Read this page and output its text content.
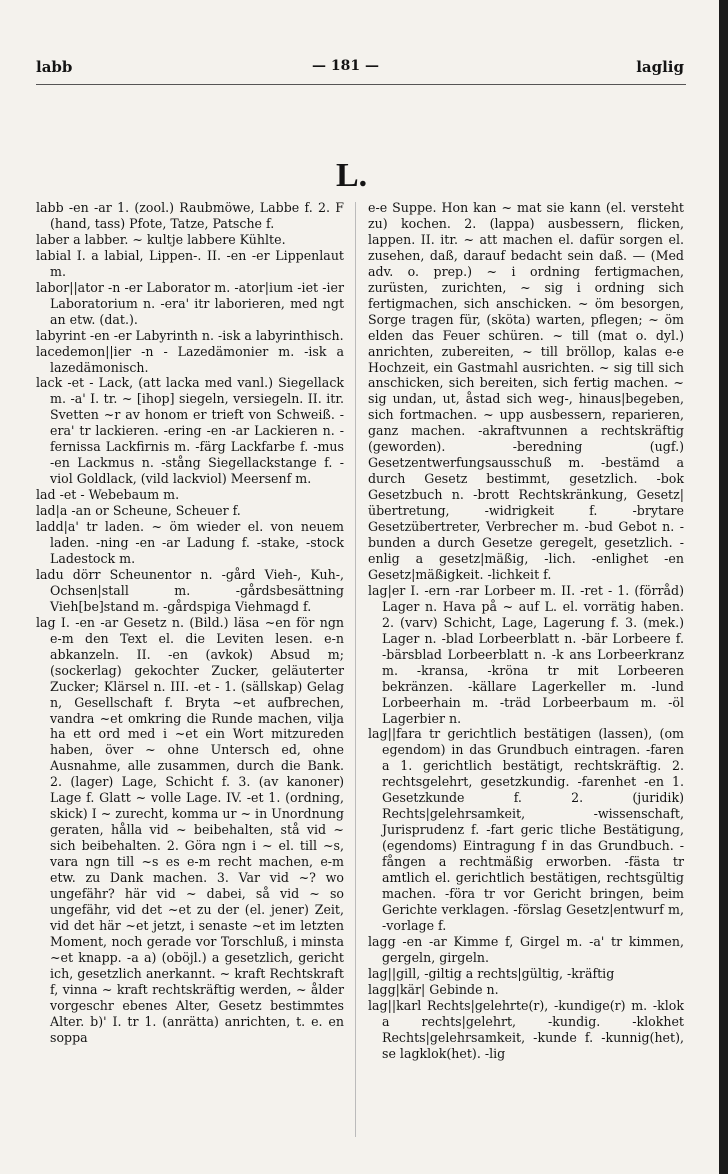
labb	— 181 —	laglig
L.

labb -en -ar 1. (zool.) Raubmöwe, Labbe f. 2. F (hand, tass) Pfote, Tatze, Patsche f.

laber a labber. ~ kultje labbere Kühlte.

labial I. a labial, Lippen-. II. -en -er Lippenlaut m.

labor||ator -n -er Laborator m. -ator|ium -iet -ier Laboratorium n. -era' itr laborieren, med ngt an etw. (dat.).

labyrint -en -er Labyrinth n. -isk a labyrinthisch.

lacedemon||ier -n - Lazedämonier m. -isk a lazedämonisch.

lack -et - Lack, (att lacka med vanl.) Siegellack m. -a' I. tr. ~ [ihop] siegeln, versiegeln. II. itr. Svetten ~r av honom er trieft von Schweiß. -era' tr lackieren. -ering -en -ar Lackieren n. -fernissa Lackfirnis m. -färg Lackfarbe f. -mus -en Lackmus n. -stång Siegellackstange f. -viol Goldlack, (vild lackviol) Meersenf m.

lad -et - Webebaum m.

lad|a -an or Scheune, Scheuer f.

ladd|a' tr laden. ~ öm wieder el. von neuem laden. -ning -en -ar Ladung f. -stake, -stock Ladestock m.

ladu dörr Scheunentor n. -gård Vieh-, Kuh-, Ochsen|stall m. -gårdsbesättning Vieh[be]stand m. -gårdspiga Viehmagd f.

lag I. -en -ar Gesetz n. (Bild.) läsa ~en för ngn e-m den Text el. die Leviten lesen. e-n abkanzeln. II. -en (avkok) Absud m; (sockerlag) gekochter Zucker, geläuterter Zucker; Klärsel n. III. -et - 1. (sällskap) Gelag n, Gesellschaft f. Bryta ~et aufbrechen, vandra ~et omkring die Runde machen, vilja ha ett ord med i ~et ein Wort mitzureden haben, över ~ ohne Untersch ed, ohne Ausnahme, alle zusammen, durch die Bank. 2. (lager) Lage, Schicht f. 3. (av kanoner) Lage f. Glatt ~ volle Lage. IV. -et 1. (ordning, skick) I ~ zurecht, komma ur ~ in Unordnung geraten, hålla vid ~ beibehalten, stå vid ~ sich beibehalten. 2. Göra ngn i ~ el. till ~s, vara ngn till ~s es e-m recht machen, e-m etw. zu Dank machen. 3. Var vid ~? wo ungefähr? här vid ~ dabei, så vid ~ so ungefähr, vid det ~et zu der (el. jener) Zeit, vid det här ~et jetzt, i senaste ~et im letzten Moment, noch gerade vor Torschluß, i minsta ~et knapp. -a a) (oböjl.) a gesetzlich, gericht ich, gesetzlich anerkannt. ~ kraft Rechtskraft f, vinna ~ kraft rechtskräftig werden, ~ ålder vorgeschr ebenes Alter, Gesetz bestimmtes Alter. b)' I. tr 1. (anrätta) anrichten, t. e. en soppa

e-e Suppe. Hon kan ~ mat sie kann (el. versteht zu) kochen. 2. (lappa) ausbessern, flicken, lappen. II. itr. ~ att machen el. dafür sorgen el. zusehen, daß, darauf bedacht sein daß. — (Med adv. o. prep.) ~ i ordning fertigmachen, zurüsten, zurichten, ~ sig i ordning sich fertigmachen, sich anschicken. ~ öm besorgen, Sorge tragen für, (sköta) warten, pflegen; ~ öm elden das Feuer schüren. ~ till (mat o. dyl.) anrichten, zubereiten, ~ till bröllop, kalas e-e Hochzeit, ein Gastmahl ausrichten. ~ sig till sich anschicken, sich bereiten, sich fertig machen. ~ sig undan, ut, åstad sich weg-, hinaus|begeben, sich fortmachen. ~ upp ausbessern, reparieren, ganz machen. -akraftvunnen a rechtskräftig (geworden). -beredning (ugf.) Gesetzentwerfungsausschuß m. -bestämd a durch Gesetz bestimmt, gesetzlich. -bok Gesetzbuch n. -brott Rechtskränkung, Gesetz|übertretung, -widrigkeit f. -brytare Gesetzübertreter, Verbrecher m. -bud Gebot n. -bunden a durch Gesetze geregelt, gesetzlich. -enlig a gesetz|mäßig, -lich. -enlighet -en Gesetz|mäßigkeit. -lichkeit f.

lag|er I. -ern -rar Lorbeer m. II. -ret - 1. (förråd) Lager n. Hava på ~ auf L. el. vorrätig haben. 2. (varv) Schicht, Lage, Lagerung f. 3. (mek.) Lager n. -blad Lorbeerblatt n. -bär Lorbeere f. -bärsblad Lorbeerblatt n. -k ans Lorbeerkranz m. -kransa, -kröna tr mit Lorbeeren bekränzen. -källare Lagerkeller m. -lund Lorbeerhain m. -träd Lorbeerbaum m. -öl Lagerbier n.

lag||fara tr gerichtlich bestätigen (lassen), (om egendom) in das Grundbuch eintragen. -faren a 1. gerichtlich bestätigt, rechtskräftig. 2. rechtsgelehrt, gesetzkundig. -farenhet -en 1. Gesetzkunde f. 2. (juridik) Rechts|gelehrsamkeit, -wissenschaft, Jurisprudenz f. -fart geric tliche Bestätigung, (egendoms) Eintragung f in das Grundbuch. -fången a rechtmäßig erworben. -fästa tr amtlich el. gerichtlich bestätigen, rechtsgültig machen. -föra tr vor Gericht bringen, beim Gerichte verklagen. -förslag Gesetz|entwurf m, -vorlage f.

lagg -en -ar Kimme f, Girgel m. -a' tr kimmen, gergeln, girgeln.

lag||gill, -giltig a rechts|gültig, -kräftig

lagg|kär| Gebinde n.

lag||karl Rechts|gelehrte(r), -kundige(r) m. -klok a rechts|gelehrt, -kundig. -klokhet Rechts|gelehrsamkeit, -kunde f. -kunnig(het), se lagklok(het). -lig
